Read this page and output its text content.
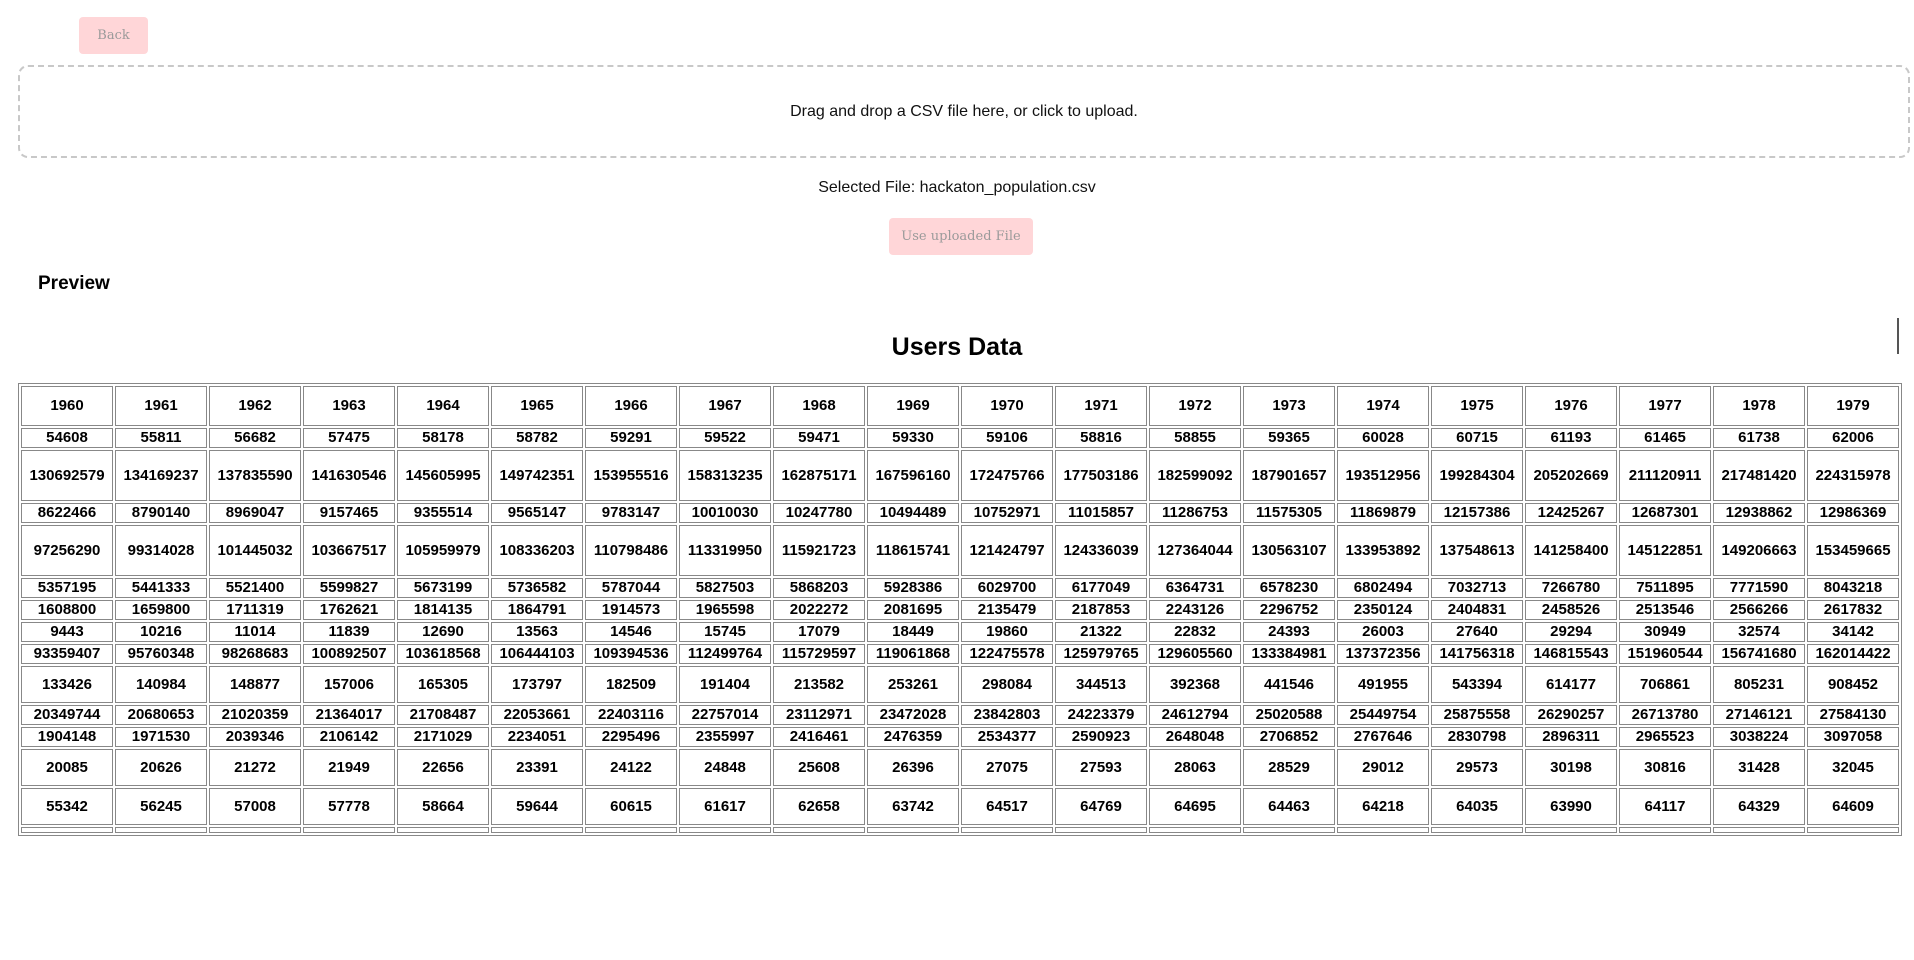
Back
Drag and drop a CSV file here, or click to upload.
Selected File: hackaton_population.csv
Use uploaded File
Preview
Users Data
1960	1961	1962	1963	1964	1965	1966	1967	1968	1969	1970	1971	1972	1973	1974	1975	1976	1977	1978	1979
54608	55811	56682	57475	58178	58782	59291	59522	59471	59330	59106	58816	58855	59365	60028	60715	61193	61465	61738	62006
130692579	134169237	137835590	141630546	145605995	149742351	153955516	158313235	162875171	167596160	172475766	177503186	182599092	187901657	193512956	199284304	205202669	211120911	217481420	224315978
8622466	8790140	8969047	9157465	9355514	9565147	9783147	10010030	10247780	10494489	10752971	11015857	11286753	11575305	11869879	12157386	12425267	12687301	12938862	12986369
97256290	99314028	101445032	103667517	105959979	108336203	110798486	113319950	115921723	118615741	121424797	124336039	127364044	130563107	133953892	137548613	141258400	145122851	149206663	153459665
5357195	5441333	5521400	5599827	5673199	5736582	5787044	5827503	5868203	5928386	6029700	6177049	6364731	6578230	6802494	7032713	7266780	7511895	7771590	8043218
1608800	1659800	1711319	1762621	1814135	1864791	1914573	1965598	2022272	2081695	2135479	2187853	2243126	2296752	2350124	2404831	2458526	2513546	2566266	2617832
9443	10216	11014	11839	12690	13563	14546	15745	17079	18449	19860	21322	22832	24393	26003	27640	29294	30949	32574	34142
93359407	95760348	98268683	100892507	103618568	106444103	109394536	112499764	115729597	119061868	122475578	125979765	129605560	133384981	137372356	141756318	146815543	151960544	156741680	162014422
133426	140984	148877	157006	165305	173797	182509	191404	213582	253261	298084	344513	392368	441546	491955	543394	614177	706861	805231	908452
20349744	20680653	21020359	21364017	21708487	22053661	22403116	22757014	23112971	23472028	23842803	24223379	24612794	25020588	25449754	25875558	26290257	26713780	27146121	27584130
1904148	1971530	2039346	2106142	2171029	2234051	2295496	2355997	2416461	2476359	2534377	2590923	2648048	2706852	2767646	2830798	2896311	2965523	3038224	3097058
20085	20626	21272	21949	22656	23391	24122	24848	25608	26396	27075	27593	28063	28529	29012	29573	30198	30816	31428	32045
55342	56245	57008	57778	58664	59644	60615	61617	62658	63742	64517	64769	64695	64463	64218	64035	63990	64117	64329	64609
